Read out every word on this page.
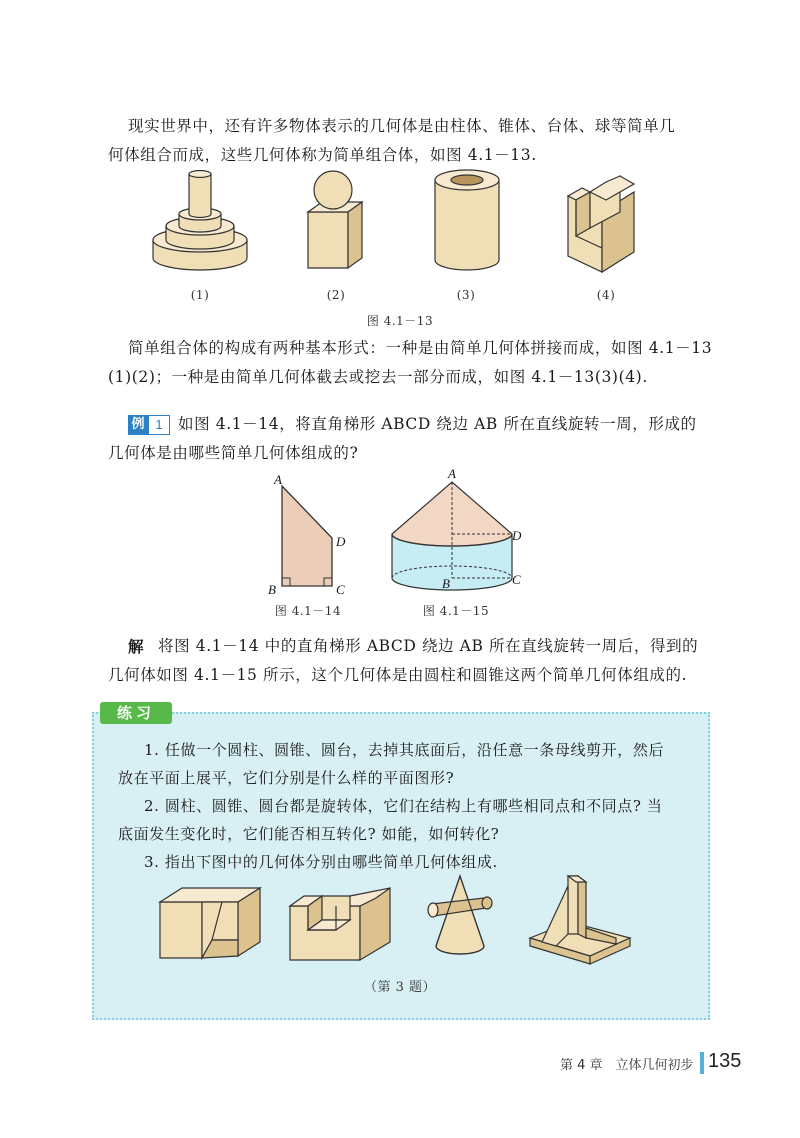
现实世界中，还有许多物体表示的几何体是由柱体、锥体、台体、球等简单几
何体组合而成，这些几何体称为简单组合体，如图 4.1－13.
(1)	(2)	(3)	(4)
图 4.1－13
简单组合体的构成有两种基本形式：一种是由简单几何体拼接而成，如图 4.1－13
(1)(2)；一种是由简单几何体截去或挖去一部分而成，如图 4.1－13(3)(4).
例 1 如图 4.1－14，将直角梯形 ABCD 绕边 AB 所在直线旋转一周，形成的
几何体是由哪些简单几何体组成的?
A
B	C
D
图 4.1－14
A
B	C
D
图 4.1－15
解 将图 4.1－14 中的直角梯形 ABCD 绕边 AB 所在直线旋转一周后，得到的
几何体如图 4.1－15 所示，这个几何体是由圆柱和圆锥这两个简单几何体组成的.
练习
1. 任做一个圆柱、圆锥、圆台，去掉其底面后，沿任意一条母线剪开，然后
放在平面上展平，它们分别是什么样的平面图形?
2. 圆柱、圆锥、圆台都是旋转体，它们在结构上有哪些相同点和不同点? 当
底面发生变化时，它们能否相互转化? 如能，如何转化?
3. 指出下图中的几何体分别由哪些简单几何体组成.
（第 3 题）
第 4 章　立体几何初步 135
